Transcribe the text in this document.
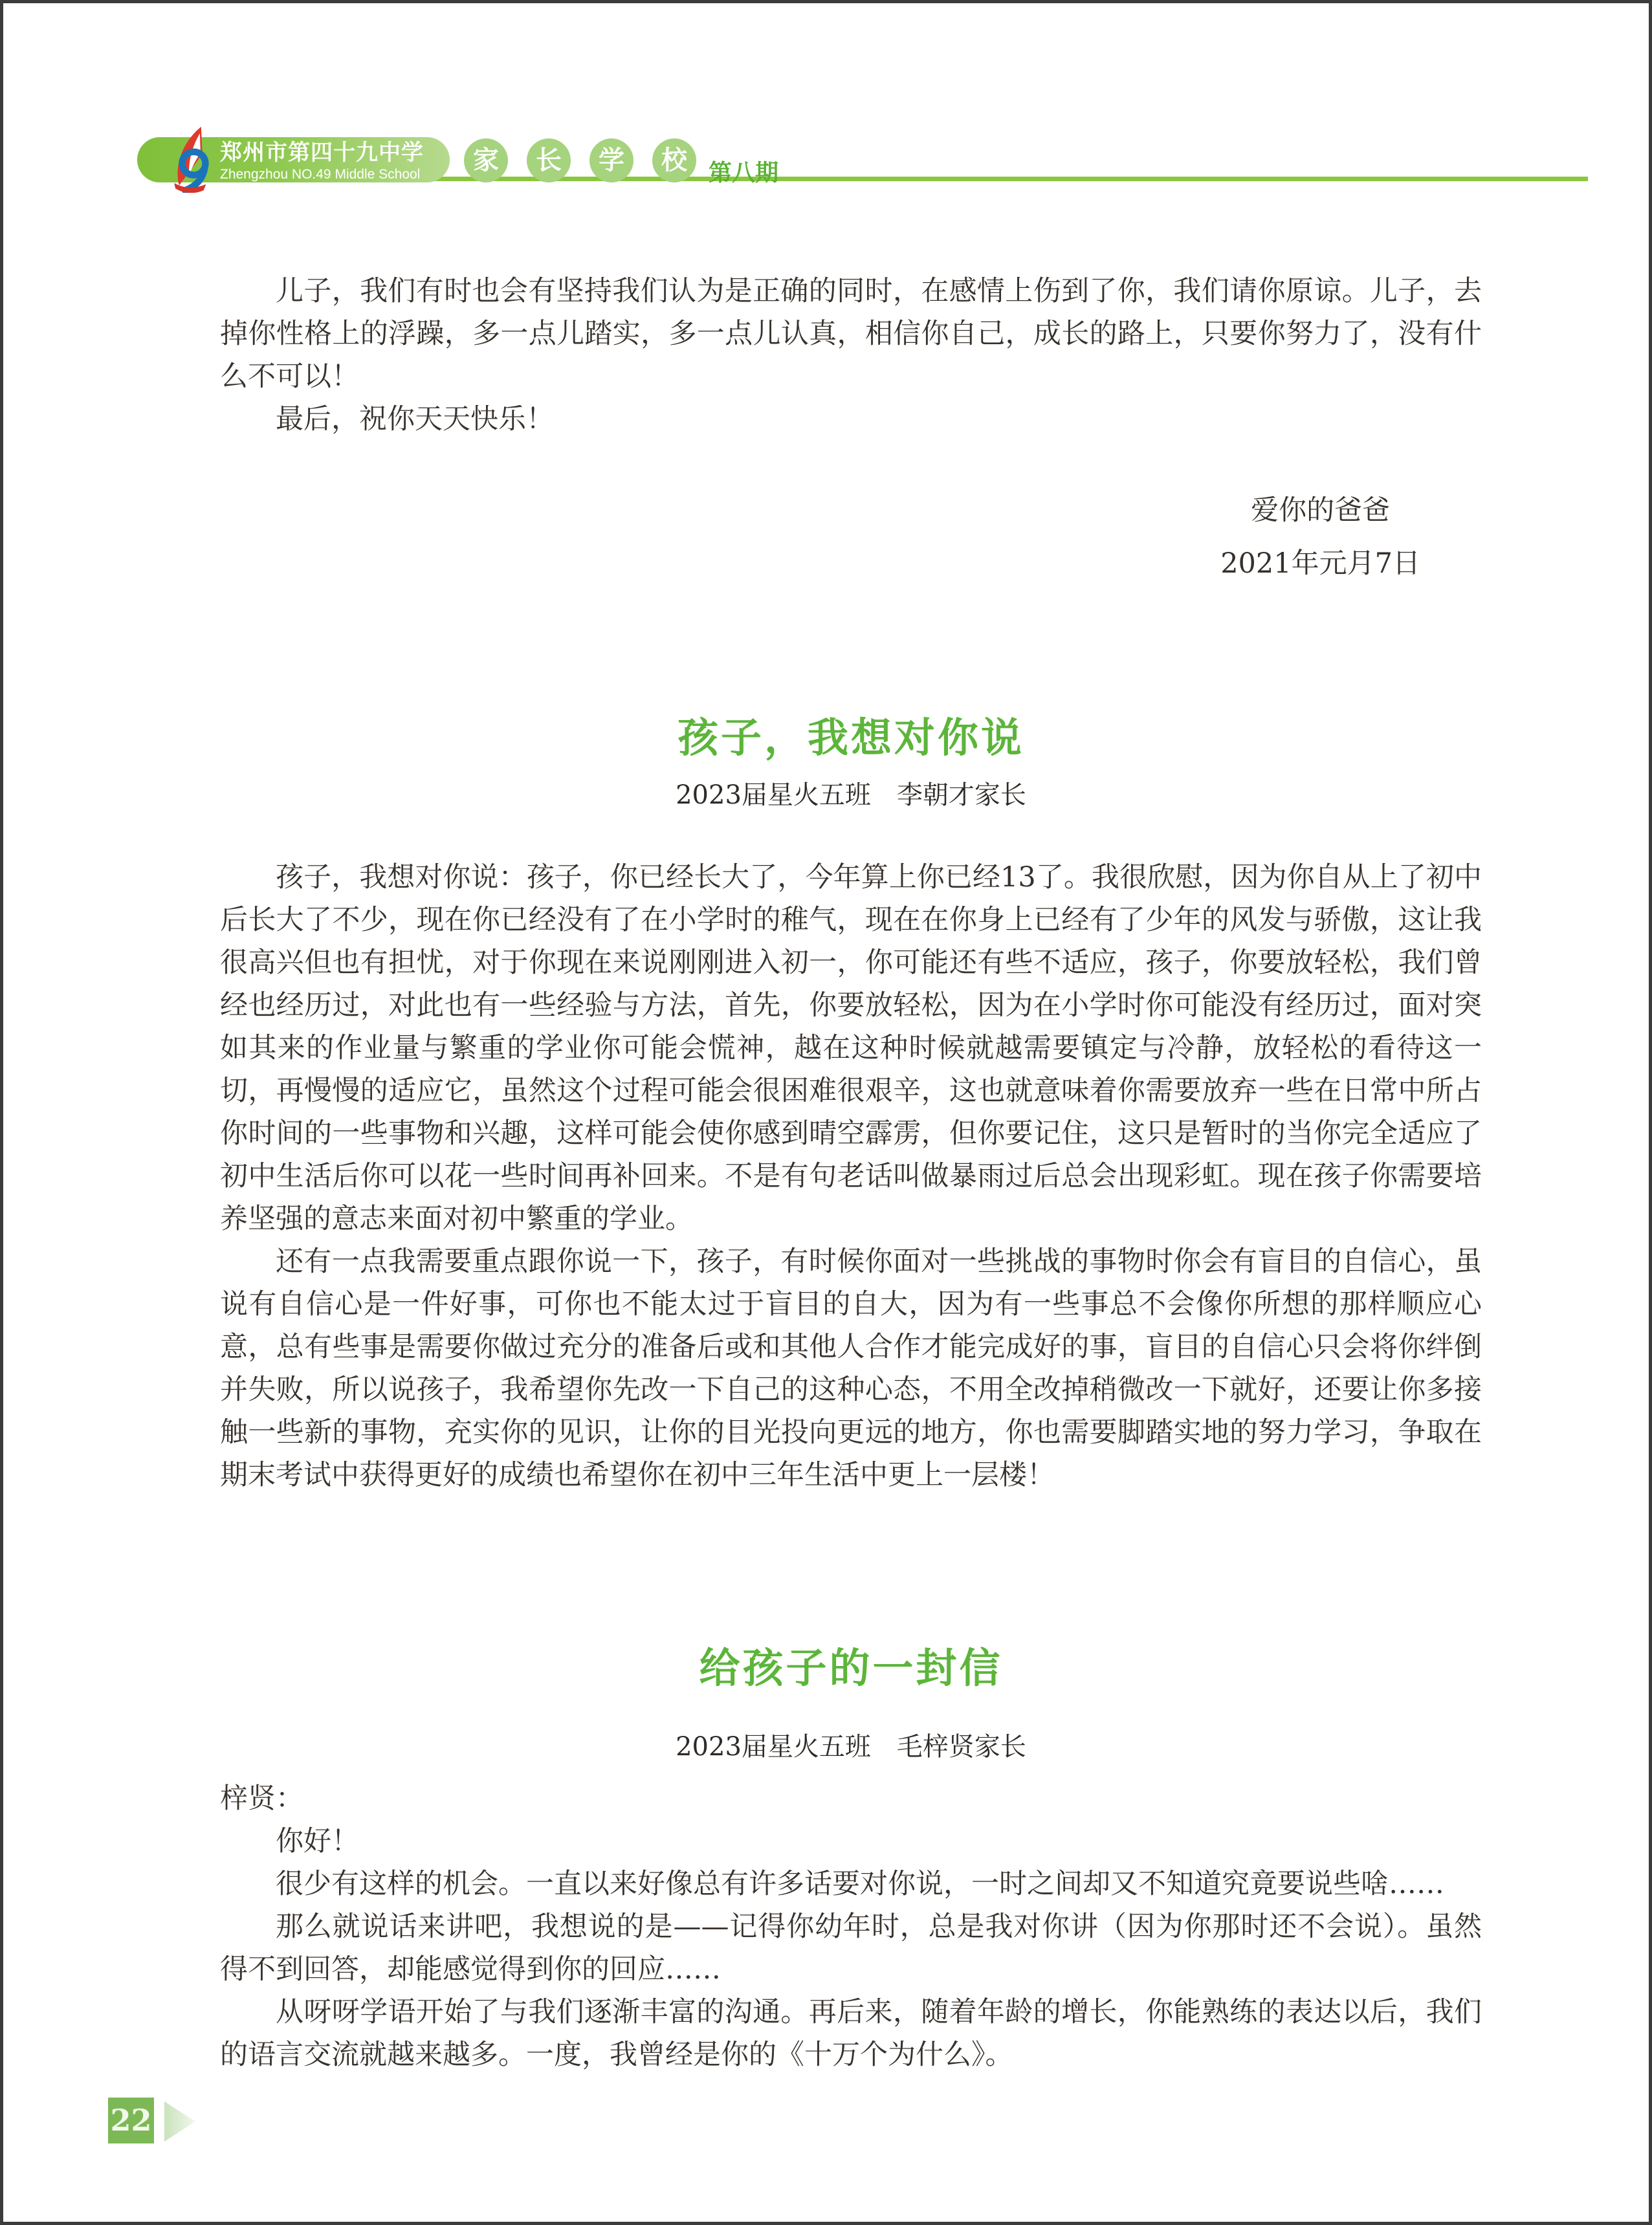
郑州市第四十九中学
Zhengzhou NO.49 Middle School	家	长	学	校 第八期

儿子，我们有时也会有坚持我们认为是正确的同时，在感情上伤到了你，我们请你原谅。儿子，去掉你性格上的浮躁，多一点儿踏实，多一点儿认真，相信你自己，成长的路上，只要你努力了，没有什么不可以！

最后，祝你天天快乐！

爱你的爸爸
2021年元月7日
孩子，我想对你说
2023届星火五班　李朝才家长

孩子，我想对你说：孩子，你已经长大了，今年算上你已经13了。我很欣慰，因为你自从上了初中后长大了不少，现在你已经没有了在小学时的稚气，现在在你身上已经有了少年的风发与骄傲，这让我很高兴但也有担忧，对于你现在来说刚刚进入初一，你可能还有些不适应，孩子，你要放轻松，我们曾经也经历过，对此也有一些经验与方法，首先，你要放轻松，因为在小学时你可能没有经历过，面对突如其来的作业量与繁重的学业你可能会慌神，越在这种时候就越需要镇定与冷静，放轻松的看待这一切，再慢慢的适应它，虽然这个过程可能会很困难很艰辛，这也就意味着你需要放弃一些在日常中所占你时间的一些事物和兴趣，这样可能会使你感到晴空霹雳，但你要记住，这只是暂时的当你完全适应了初中生活后你可以花一些时间再补回来。不是有句老话叫做暴雨过后总会出现彩虹。现在孩子你需要培养坚强的意志来面对初中繁重的学业。

还有一点我需要重点跟你说一下，孩子，有时候你面对一些挑战的事物时你会有盲目的自信心，虽说有自信心是一件好事，可你也不能太过于盲目的自大，因为有一些事总不会像你所想的那样顺应心意，总有些事是需要你做过充分的准备后或和其他人合作才能完成好的事，盲目的自信心只会将你绊倒并失败，所以说孩子，我希望你先改一下自己的这种心态，不用全改掉稍微改一下就好，还要让你多接触一些新的事物，充实你的见识，让你的目光投向更远的地方，你也需要脚踏实地的努力学习，争取在期末考试中获得更好的成绩也希望你在初中三年生活中更上一层楼！

给孩子的一封信
2023届星火五班　毛梓贤家长

梓贤：

你好！

很少有这样的机会。一直以来好像总有许多话要对你说，一时之间却又不知道究竟要说些啥……

那么就说话来讲吧，我想说的是——记得你幼年时，总是我对你讲（因为你那时还不会说）。虽然得不到回答，却能感觉得到你的回应……

从呀呀学语开始了与我们逐渐丰富的沟通。再后来，随着年龄的增长，你能熟练的表达以后，我们的语言交流就越来越多。一度，我曾经是你的《十万个为什么》。

22
